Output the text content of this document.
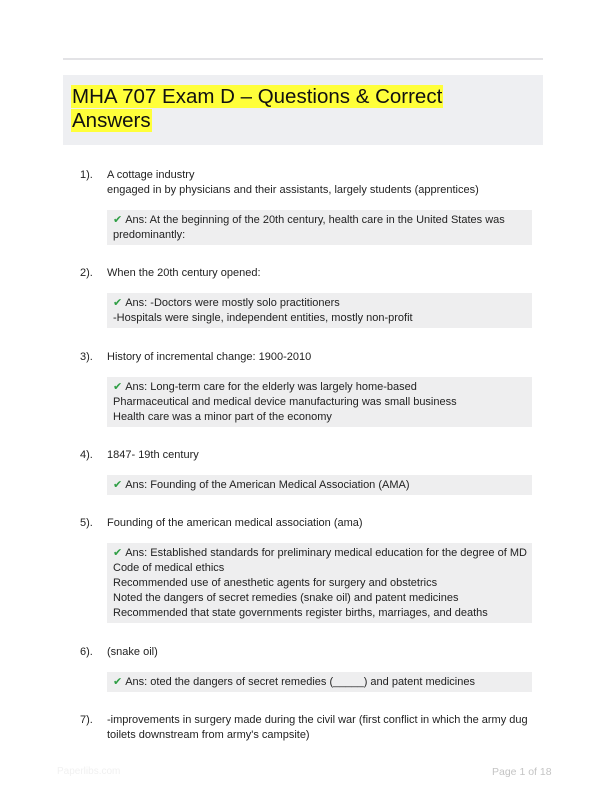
MHA 707 Exam D – Questions & Correct Answers
1). A cottage industry
engaged in by physicians and their assistants, largely students (apprentices)
✔ Ans: At the beginning of the 20th century, health care in the United States was
predominantly:
2). When the 20th century opened:
✔ Ans: -Doctors were mostly solo practitioners
-Hospitals were single, independent entities, mostly non-profit
3). History of incremental change: 1900-2010
✔ Ans: Long-term care for the elderly was largely home-based
Pharmaceutical and medical device manufacturing was small business
Health care was a minor part of the economy
4). 1847- 19th century
✔ Ans: Founding of the American Medical Association (AMA)
5). Founding of the american medical association (ama)
✔ Ans: Established standards for preliminary medical education for the degree of MD
Code of medical ethics
Recommended use of anesthetic agents for surgery and obstetrics
Noted the dangers of secret remedies (snake oil) and patent medicines
Recommended that state governments register births, marriages, and deaths
6). (snake oil)
✔ Ans: oted the dangers of secret remedies (_____) and patent medicines
7). -improvements in surgery made during the civil war (first conflict in which the army dug
toilets downstream from army's campsite)
Paperlibs.com	Page 1 of 18
